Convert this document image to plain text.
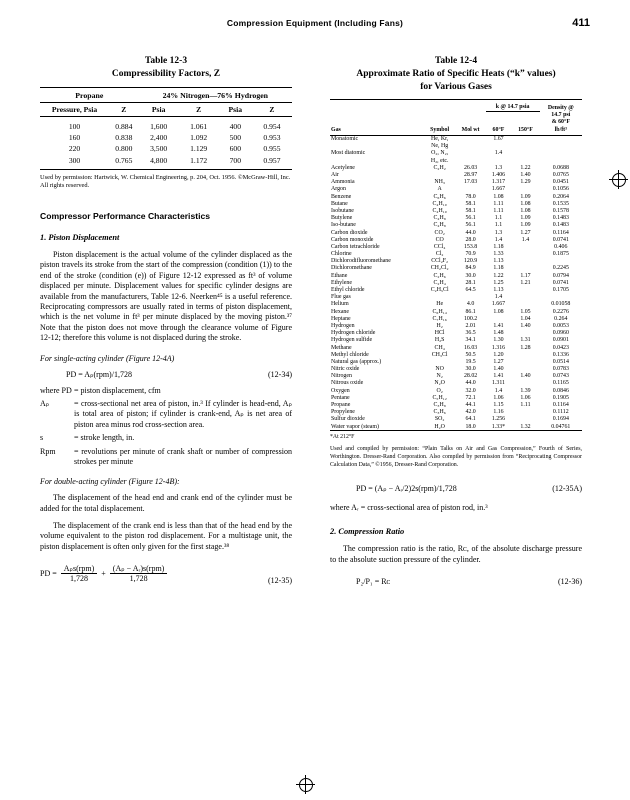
Compression Equipment (Including Fans)	411
Table 12-3
Compressibility Factors, Z
Propane		24% Nitrogen—76% Hydrogen			
Pressure, Psia	Z	Psia	Z	Psia	Z
100	0.884	1,600	1.061	400	0.954
160	0.838	2,400	1.092	500	0.953
220	0.800	3,500	1.129	600	0.955
300	0.765	4,800	1.172	700	0.957
Used by permission: Hartwick, W. Chemical Engineering, p. 204, Oct. 1956. ©McGraw-Hill, Inc. All rights reserved.
Compressor Performance Characteristics
1. Piston Displacement

Piston displacement is the actual volume of the cylinder displaced as the piston travels its stroke from the start of the compression (condition (1)) to the end of the stroke (condition (e)) of Figure 12-12 expressed as ft³ of volume displaced per minute. Displacement values for specific cylinder designs are available from the manufacturers, Table 12-6. Neerken⁴⁵ is a useful reference. Reciprocating compressors are usually rated in terms of piston displacement, which is the net volume in ft³ per minute displaced by the moving piston.³⁷ Note that the piston does not move through the clearance volume of Figure 12-12; therefore this volume is not displaced during the stroke.

For single-acting cylinder (Figure 12-4A)

PD = Aₚ(rpm)/1,728	(12-34)
where PD = piston displacement, cfm
Aₚ	= cross-sectional net area of piston, in.³ If cylinder is head-end, Aₚ is total area of piston; if cylinder is crank-end, Aₚ is net area of piston area minus rod cross-section area.
s	= stroke length, in.
Rpm	= revolutions per minute of crank shaft or number of compression strokes per minute

For double-acting cylinder (Figure 12-4B):

The displacement of the head end and crank end of the cylinder must be added for the total displacement.

The displacement of the crank end is less than that of the head end by the volume equivalent to the piston rod displacement. For a multistage unit, the piston displacement is often only given for the first stage.³⁸

PD = $\frac{\text{Aₚs(rpm)}}{1,728} + \frac{\text{(Aₚ − Aᵣ)s(rpm)}}{1,728}$	(12-35)
Table 12-4
Approximate Ratio of Specific Heats (“k” values)
for Various Gases
			k @ 14.7 psia		Density @
					14.7 psi
					& 60°F
Gas	Symbol	Mol wt	60°F	150°F	lb/ft³
Monatomic	He, Kr,		1.67		
	Ne, Hg				
Most diatomic	O₂, N₂,		1.4		
	H₂, etc.				
Acetylene	C₂H₂	26.03	1.3	1.22	0.0688
Air		28.97	1.406	1.40	0.0765
Ammonia	NH₃	17.03	1.317	1.29	0.0451
Argon	A		1.667		0.1056
Benzene	C₆H₆	78.0	1.08	1.09	0.2064
Butane	C₄H₁₀	58.1	1.11	1.08	0.1535
Isobutane	C₄H₁₀	58.1	1.11	1.08	0.1578
Butylene	C₄H₈	56.1	1.1	1.09	0.1483
Iso-butane	C₄H₈	56.1	1.1	1.09	0.1483
Carbon dioxide	CO₂	44.0	1.3	1.27	0.1164
Carbon monoxide	CO	28.0	1.4	1.4	0.0741
Carbon tetrachloride	CCl₄	153.8	1.18		0.406
Chlorine	Cl₂	70.9	1.33		0.1875
Dichlorodifluoromethane	CCl₂F₂	120.9	1.13		
Dichloromethane	CH₂Cl₂	84.9	1.18		0.2245
Ethane	C₂H₆	30.0	1.22	1.17	0.0794
Ethylene	C₂H₄	28.1	1.25	1.21	0.0741
Ethyl chloride	C₂H₅Cl	64.5	1.13		0.1705
Flue gas			1.4		
Helium	He	4.0	1.667		0.01058
Hexane	C₆H₁₄	86.1	1.08	1.05	0.2276
Heptane	C₇H₁₆	100.2		1.04	0.264
Hydrogen	H₂	2.01	1.41	1.40	0.0053
Hydrogen chloride	HCl	36.5	1.48		0.0960
Hydrogen sulfide	H₂S	34.1	1.30	1.31	0.0901
Methane	CH₄	16.03	1.316	1.28	0.0423
Methyl chloride	CH₃Cl	50.5	1.20		0.1336
Natural gas (approx.)		19.5	1.27		0.0514
Nitric oxide	NO	30.0	1.40		0.0783
Nitrogen	N₂	28.02	1.41	1.40	0.0743
Nitrous oxide	N₂O	44.0	1.311		0.1165
Oxygen	O₂	32.0	1.4	1.39	0.0846
Pentane	C₅H₁₂	72.1	1.06	1.06	0.1905
Propane	C₃H₈	44.1	1.15	1.11	0.1164
Propylene	C₃H₆	42.0	1.16		0.1112
Sulfur dioxide	SO₂	64.1	1.256		0.1694
Water vapor (steam)	H₂O	18.0	1.33*	1.32	0.04761
*At 212°F
Used and compiled by permission: “Plain Talks on Air and Gas Compression,” Fourth of Series, Worthington. Dresser-Rand Corporation. Also compiled by permission from “Reciprocating Compressor Calculation Data,” ©1956, Dresser-Rand Corporation.
PD = (Aₚ − Aᵣ/2)2s(rpm)/1,728	(12-35A)

where Aᵣ = cross-sectional area of piston rod, in.³

2. Compression Ratio

The compression ratio is the ratio, Rᴄ, of the absolute discharge pressure to the absolute suction pressure of the cylinder.

P₂/P₁ = Rᴄ	(12-36)
